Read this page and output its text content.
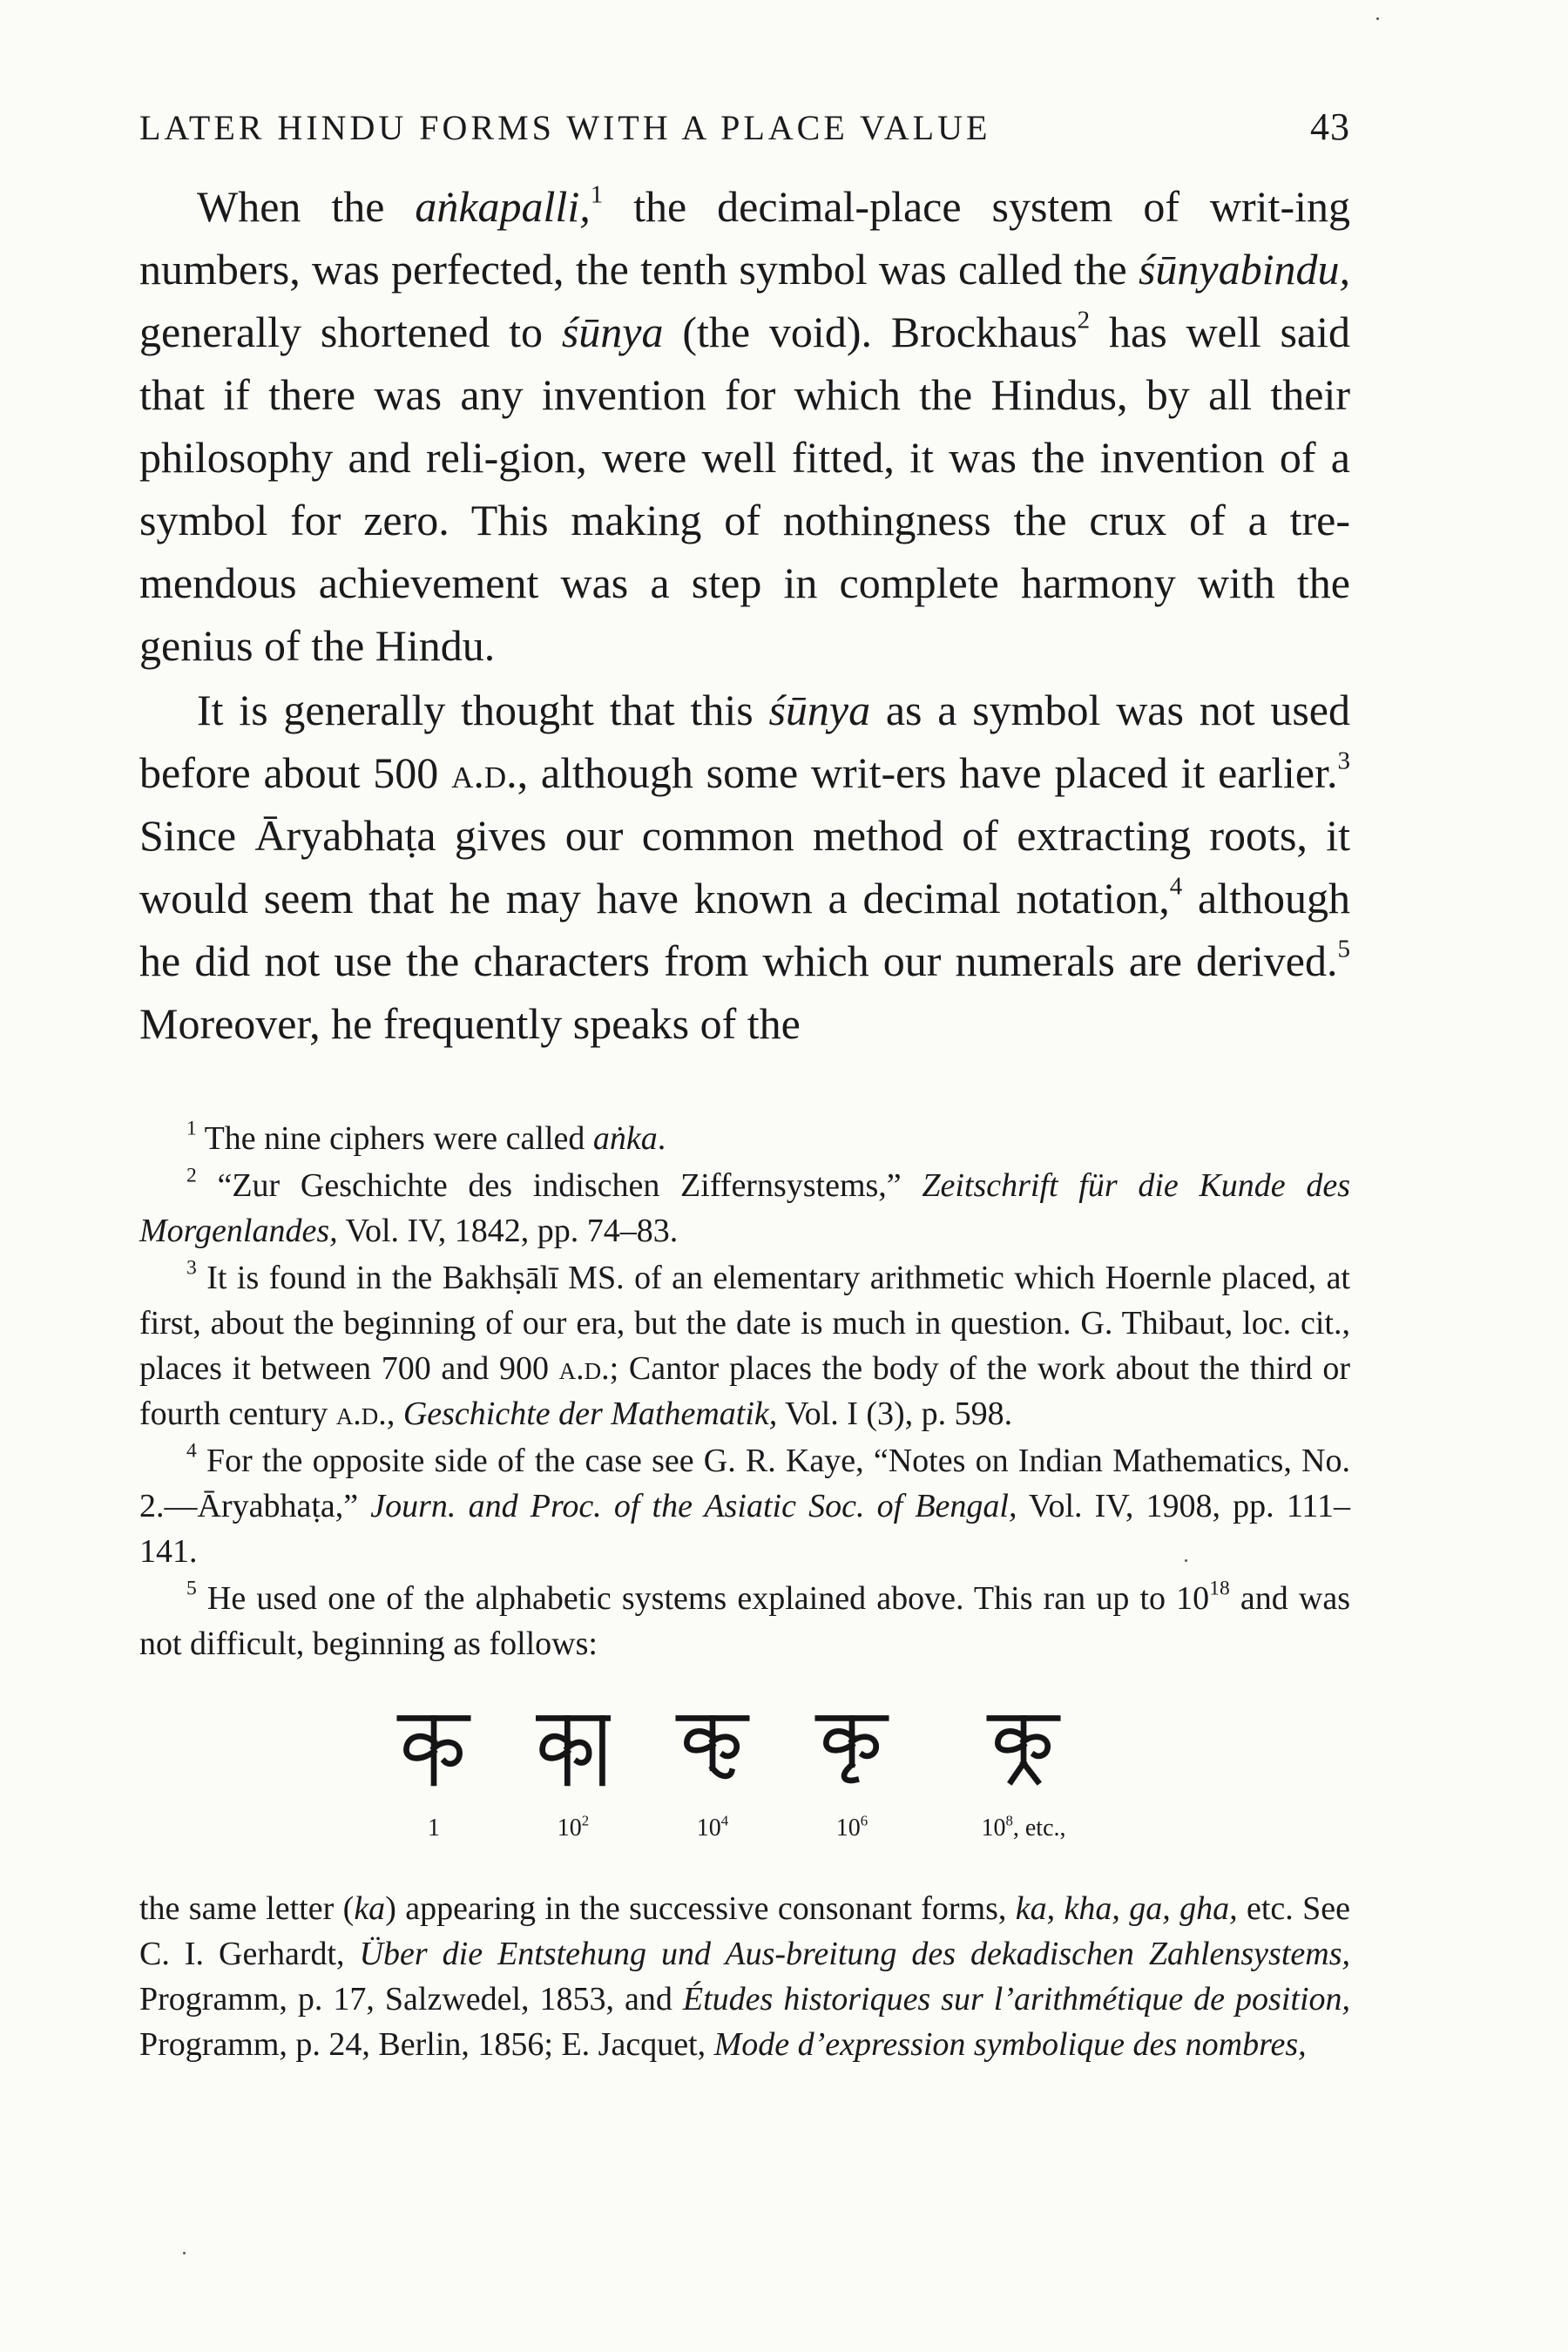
LATER HINDU FORMS WITH A PLACE VALUE	43

When the aṅkapalli,$^1$ the decimal-place system of writ-ing numbers, was perfected, the tenth symbol was called the śūnyabindu, generally shortened to śūnya (the void). Brockhaus$^2$ has well said that if there was any invention for which the Hindus, by all their philosophy and reli-gion, were well fitted, it was the invention of a symbol for zero. This making of nothingness the crux of a tre-mendous achievement was a step in complete harmony with the genius of the Hindu.

It is generally thought that this śūnya as a symbol was not used before about 500 a.d., although some writ-ers have placed it earlier.$^3$ Since Āryabhaṭa gives our common method of extracting roots, it would seem that he may have known a decimal notation,$^4$ although he did not use the characters from which our numerals are derived.$^5$ Moreover, he frequently speaks of the

$^1$ The nine ciphers were called aṅka.

$^2$ “Zur Geschichte des indischen Ziffernsystems,” Zeitschrift für die Kunde des Morgenlandes, Vol. IV, 1842, pp. 74–83.

$^3$ It is found in the Bakhṣālī MS. of an elementary arithmetic which Hoernle placed, at first, about the beginning of our era, but the date is much in question. G. Thibaut, loc. cit., places it between 700 and 900 a.d.; Cantor places the body of the work about the third or fourth century a.d., Geschichte der Mathematik, Vol. I (3), p. 598.

$^4$ For the opposite side of the case see G. R. Kaye, “Notes on Indian Mathematics, No. 2.—Āryabhaṭa,” Journ. and Proc. of the Asiatic Soc. of Bengal, Vol. IV, 1908, pp. 111–141.

$^5$ He used one of the alphabetic systems explained above. This ran up to $10^{18}$ and was not difficult, beginning as follows:

1	$10^2$	$10^4$	$10^6$	$10^8$, etc.,

the same letter (ka) appearing in the successive consonant forms, ka, kha, ga, gha, etc. See C. I. Gerhardt, Über die Entstehung und Aus-breitung des dekadischen Zahlensystems, Programm, p. 17, Salzwedel, 1853, and Études historiques sur l’arithmétique de position, Programm, p. 24, Berlin, 1856; E. Jacquet, Mode d’expression symbolique des nombres,
